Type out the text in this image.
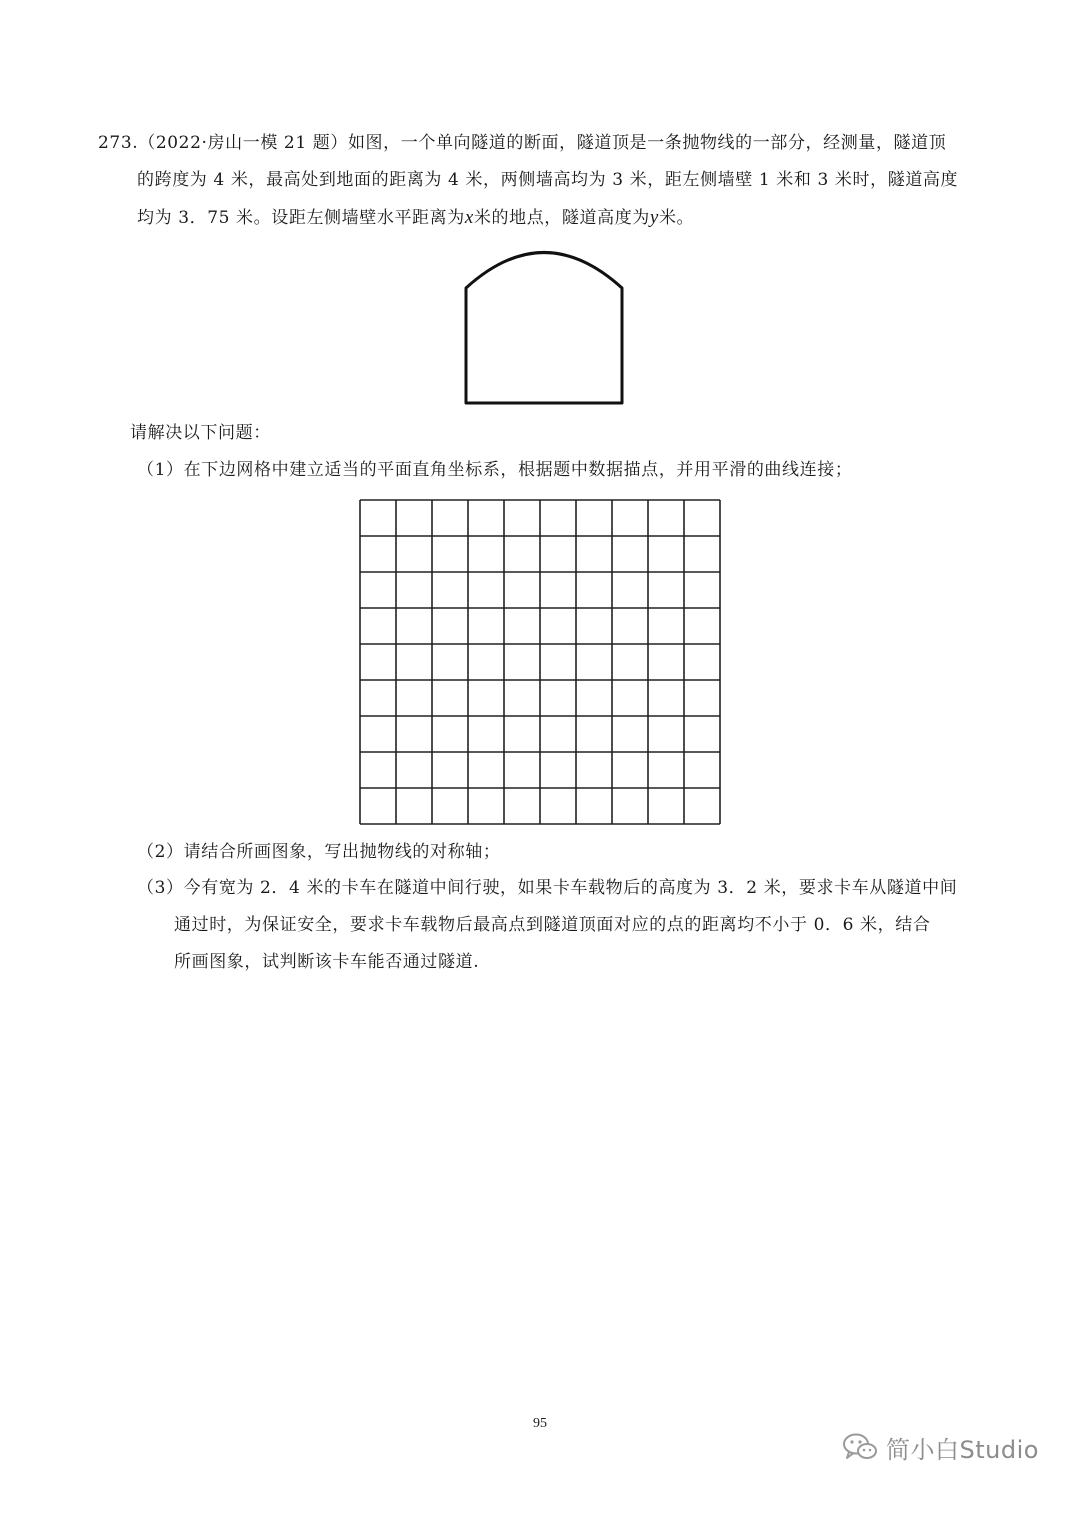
273.（2022·房山一模 21 题）如图，一个单向隧道的断面，隧道顶是一条抛物线的一部分，经测量，隧道顶
的跨度为 4 米，最高处到地面的距离为 4 米，两侧墙高均为 3 米，距左侧墙壁 1 米和 3 米时，隧道高度
均为 3．75 米。设距左侧墙壁水平距离为x米的地点，隧道高度为y米。
请解决以下问题：
（1）在下边网格中建立适当的平面直角坐标系，根据题中数据描点，并用平滑的曲线连接；
（2）请结合所画图象，写出抛物线的对称轴；
（3）今有宽为 2．4 米的卡车在隧道中间行驶，如果卡车载物后的高度为 3．2 米，要求卡车从隧道中间
通过时，为保证安全，要求卡车载物后最高点到隧道顶面对应的点的距离均不小于 0．6 米，结合
所画图象，试判断该卡车能否通过隧道.
95
简小白Studio
